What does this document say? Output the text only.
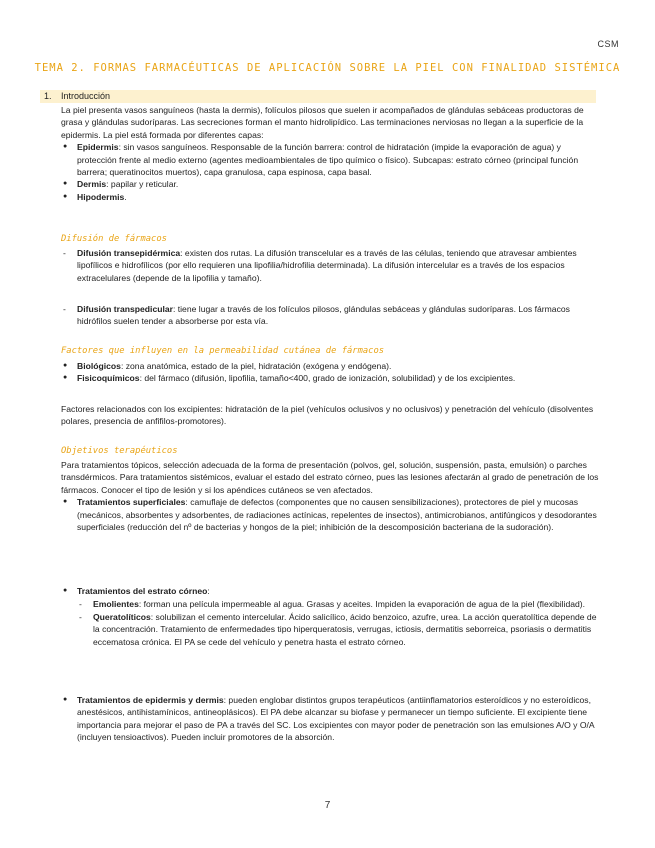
CSM
TEMA 2. FORMAS FARMACÉUTICAS DE APLICACIÓN SOBRE LA PIEL CON FINALIDAD SISTÉMICA
1. Introducción

La piel presenta vasos sanguíneos (hasta la dermis), folículos pilosos que suelen ir acompañados de glándulas sebáceas productoras de grasa y glándulas sudoríparas. Las secreciones forman el manto hidrolipídico. Las terminaciones nerviosas no llegan a la superficie de la epidermis. La piel está formada por diferentes capas:

● Epidermis: sin vasos sanguíneos. Responsable de la función barrera: control de hidratación (impide la evaporación de agua) y protección frente al medio externo (agentes medioambientales de tipo químico o físico). Subcapas: estrato córneo (principal función barrera; queratinocitos muertos), capa granulosa, capa espinosa, capa basal.
● Dermis: papilar y reticular.
● Hipodermis.
Difusión de fármacos
- Difusión transepidérmica: existen dos rutas. La difusión transcelular es a través de las células, teniendo que atravesar ambientes lipofílicos e hidrofílicos (por ello requieren una lipofilia/hidrofilia determinada). La difusión intercelular es a través de los espacios extracelulares (depende de la lipofilia y tamaño).
- Difusión transpedicular: tiene lugar a través de los folículos pilosos, glándulas sebáceas y glándulas sudoríparas. Los fármacos hidrófilos suelen tender a absorberse por esta vía.
Factores que influyen en la permeabilidad cutánea de fármacos
● Biológicos: zona anatómica, estado de la piel, hidratación (exógena y endógena).
● Fisicoquímicos: del fármaco (difusión, lipofilia, tamaño<400, grado de ionización, solubilidad) y de los excipientes.

Factores relacionados con los excipientes: hidratación de la piel (vehículos oclusivos y no oclusivos) y penetración del vehículo (disolventes polares, presencia de anfifilos-promotores).

Objetivos terapéuticos

Para tratamientos tópicos, selección adecuada de la forma de presentación (polvos, gel, solución, suspensión, pasta, emulsión) o parches transdérmicos. Para tratamientos sistémicos, evaluar el estado del estrato córneo, pues las lesiones afectarán al grado de penetración de los fármacos. Conocer el tipo de lesión y si los apéndices cutáneos se ven afectados.

● Tratamientos superficiales: camuflaje de defectos (componentes que no causen sensibilizaciones), protectores de piel y mucosas (mecánicos, absorbentes y adsorbentes, de radiaciones actínicas, repelentes de insectos), antimicrobianos, antifúngicos y desodorantes superficiales (reducción del nº de bacterias y hongos de la piel; inhibición de la descomposición bacteriana de la sudoración).
● Tratamientos del estrato córneo:
- Emolientes: forman una película impermeable al agua. Grasas y aceites. Impiden la evaporación de agua de la piel (flexibilidad).
- Queratolíticos: solubilizan el cemento intercelular. Ácido salicílico, ácido benzoico, azufre, urea. La acción queratolítica depende de la concentración. Tratamiento de enfermedades tipo hiperqueratosis, verrugas, ictiosis, dermatitis seborreica, psoriasis o dermatitis eccematosa crónica. El PA se cede del vehículo y penetra hasta el estrato córneo.
● Tratamientos de epidermis y dermis: pueden englobar distintos grupos terapéuticos (antiinflamatorios esteroídicos y no esteroídicos, anestésicos, antihistamínicos, antineoplásicos). El PA debe alcanzar su biofase y permanecer un tiempo suficiente. El excipiente tiene importancia para mejorar el paso de PA a través del SC. Los excipientes con mayor poder de penetración son las emulsiones A/O y O/A (incluyen tensioactivos). Pueden incluir promotores de la absorción.
7
